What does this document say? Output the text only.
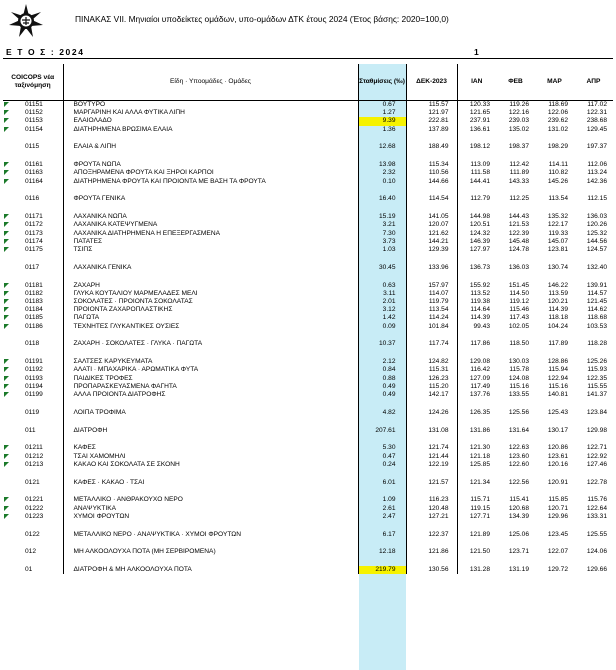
ΠΙΝΑΚΑΣ VII. Μηνιαίοι υποδείκτες ομάδων, υπο-ομάδων ΔΤΚ έτους 2024 (Έτος βάσης: 2020=100,0)
Ε Τ Ο Σ : 2024	1
COICOPS νέα ταξινόμηση	Είδη · Υποομάδες · Ομάδες	Σταθμίσεις (‰)	ΔΕΚ-2023	ΙΑΝ	ΦΕΒ	ΜΑΡ	ΑΠΡ

01151	ΒΟΥΤΥΡΟ	0.67	115.57	120.33	119.26	118.69	117.02

01152	ΜΑΡΓΑΡΙΝΗ ΚΑΙ ΑΛΛΑ ΦΥΤΙΚΑ ΛΙΠΗ	1.27	121.97	121.65	122.16	122.06	122.31

01153	ΕΛΑΙΟΛΑΔΟ	9.39	222.81	237.91	239.03	239.62	238.68

01154	ΔΙΑΤΗΡΗΜΕΝΑ ΒΡΩΣΙΜΑ ΕΛΑΙΑ	1.36	137.89	136.61	135.02	131.02	129.45

0115	ΕΛΑΙΑ & ΛΙΠΗ	12.68	188.49	198.12	198.37	198.29	197.37

01161	ΦΡΟΥΤΑ ΝΩΠΑ	13.98	115.34	113.09	112.42	114.11	112.06

01163	ΑΠΟΞΗΡΑΜΕΝΑ ΦΡΟΥΤΑ ΚΑΙ ΞΗΡΟΙ ΚΑΡΠΟΙ	2.32	110.56	111.58	111.89	110.82	113.24

01164	ΔΙΑΤΗΡΗΜΕΝΑ ΦΡΟΥΤΑ ΚΑΙ ΠΡΟΙΟΝΤΑ ΜΕ ΒΑΣΗ ΤΑ ΦΡΟΥΤΑ	0.10	144.66	144.41	143.33	145.26	142.36

0116	ΦΡΟΥΤΑ ΓΕΝΙΚΑ	16.40	114.54	112.79	112.25	113.54	112.15

01171	ΛΑΧΑΝΙΚΑ ΝΩΠΑ	15.19	141.05	144.98	144.43	135.32	136.03

01172	ΛΑΧΑΝΙΚΑ ΚΑΤΕΨΥΓΜΕΝΑ	3.21	120.07	120.51	121.53	122.17	120.26

01173	ΛΑΧΑΝΙΚΑ ΔΙΑΤΗΡΗΜΕΝΑ Η ΕΠΕΞΕΡΓΑΣΜΕΝΑ	7.30	121.62	124.32	122.39	119.33	125.32

01174	ΠΑΤΑΤΕΣ	3.73	144.21	146.39	145.48	145.07	144.56

01175	ΤΣΙΠΣ	1.03	129.39	127.97	124.78	123.81	124.57

0117	ΛΑΧΑΝΙΚΑ ΓΕΝΙΚΑ	30.45	133.96	136.73	136.03	130.74	132.40

01181	ΖΑΧΑΡΗ	0.63	157.97	155.92	151.45	146.22	139.91

01182	ΓΛΥΚΑ ΚΟΥΤΑΛΙΟΥ ΜΑΡΜΕΛΑΔΕΣ ΜΕΛΙ	3.11	114.07	113.52	114.50	113.59	114.57

01183	ΣΟΚΟΛΑΤΕΣ · ΠΡΟΙΟΝΤΑ ΣΟΚΟΛΑΤΑΣ	2.01	119.79	119.38	119.12	120.21	121.45

01184	ΠΡΟΙΟΝΤΑ ΖΑΧΑΡΟΠΛΑΣΤΙΚΗΣ	3.12	113.54	114.64	115.46	114.39	114.62

01185	ΠΑΓΩΤΑ	1.42	114.24	114.39	117.43	118.18	118.68

01186	ΤΕΧΝΗΤΕΣ ΓΛΥΚΑΝΤΙΚΕΣ ΟΥΣΙΕΣ	0.09	101.84	99.43	102.05	104.24	103.53

0118	ΖΑΧΑΡΗ · ΣΟΚΟΛΑΤΕΣ · ΓΛΥΚΑ · ΠΑΓΩΤΑ	10.37	117.74	117.86	118.50	117.89	118.28

01191	ΣΑΛΤΣΕΣ ΚΑΡΥΚΕΥΜΑΤΑ	2.12	124.82	129.08	130.03	128.86	125.26

01192	ΑΛΑΤΙ · ΜΠΑΧΑΡΙΚΑ · ΑΡΩΜΑΤΙΚΑ ΦΥΤΑ	0.84	115.31	116.42	115.78	115.94	115.93

01193	ΠΑΙΔΙΚΕΣ ΤΡΟΦΕΣ	0.88	126.23	127.09	124.08	122.94	122.35

01194	ΠΡΟΠΑΡΑΣΚΕΥΑΣΜΕΝΑ ΦΑΓΗΤΑ	0.49	115.20	117.49	115.16	115.16	115.55

01199	ΑΛΛΑ ΠΡΟΙΟΝΤΑ ΔΙΑΤΡΟΦΗΣ	0.49	142.17	137.76	133.55	140.81	141.37

0119	ΛΟΙΠΑ ΤΡΟΦΙΜΑ	4.82	124.26	126.35	125.56	125.43	123.84

011	ΔΙΑΤΡΟΦΗ	207.61	131.08	131.86	131.64	130.17	129.98

01211	ΚΑΦΕΣ	5.30	121.74	121.30	122.63	120.86	122.71

01212	ΤΣΑΙ ΧΑΜΟΜΗΛΙ	0.47	121.44	121.18	123.60	123.61	122.92

01213	ΚΑΚΑΟ ΚΑΙ ΣΟΚΟΛΑΤΑ ΣΕ ΣΚΟΝΗ	0.24	122.19	125.85	122.60	120.16	127.46

0121	ΚΑΦΕΣ · ΚΑΚΑΟ · ΤΣΑΙ	6.01	121.57	121.34	122.56	120.91	122.78

01221	ΜΕΤΑΛΛΙΚΟ · ΑΝΘΡΑΚΟΥΧΟ ΝΕΡΟ	1.09	116.23	115.71	115.41	115.85	115.76

01222	ΑΝΑΨΥΚΤΙΚΑ	2.61	120.48	119.15	120.68	120.71	122.64

01223	ΧΥΜΟΙ ΦΡΟΥΤΩΝ	2.47	127.21	127.71	134.39	129.96	133.31

0122	ΜΕΤΑΛΛΙΚΟ ΝΕΡΟ · ΑΝΑΨΥΚΤΙΚΑ · ΧΥΜΟΙ ΦΡΟΥΤΩΝ	6.17	122.37	121.89	125.06	123.45	125.55

012	ΜΗ ΑΛΚΟΟΛΟΥΧΑ ΠΟΤΑ (ΜΗ ΣΕΡΒΙΡΟΜΕΝΑ)	12.18	121.86	121.50	123.71	122.07	124.06

01	ΔΙΑΤΡΟΦΗ & ΜΗ ΑΛΚΟΟΛΟΥΧΑ ΠΟΤΑ	219.79	130.56	131.28	131.19	129.72	129.66
